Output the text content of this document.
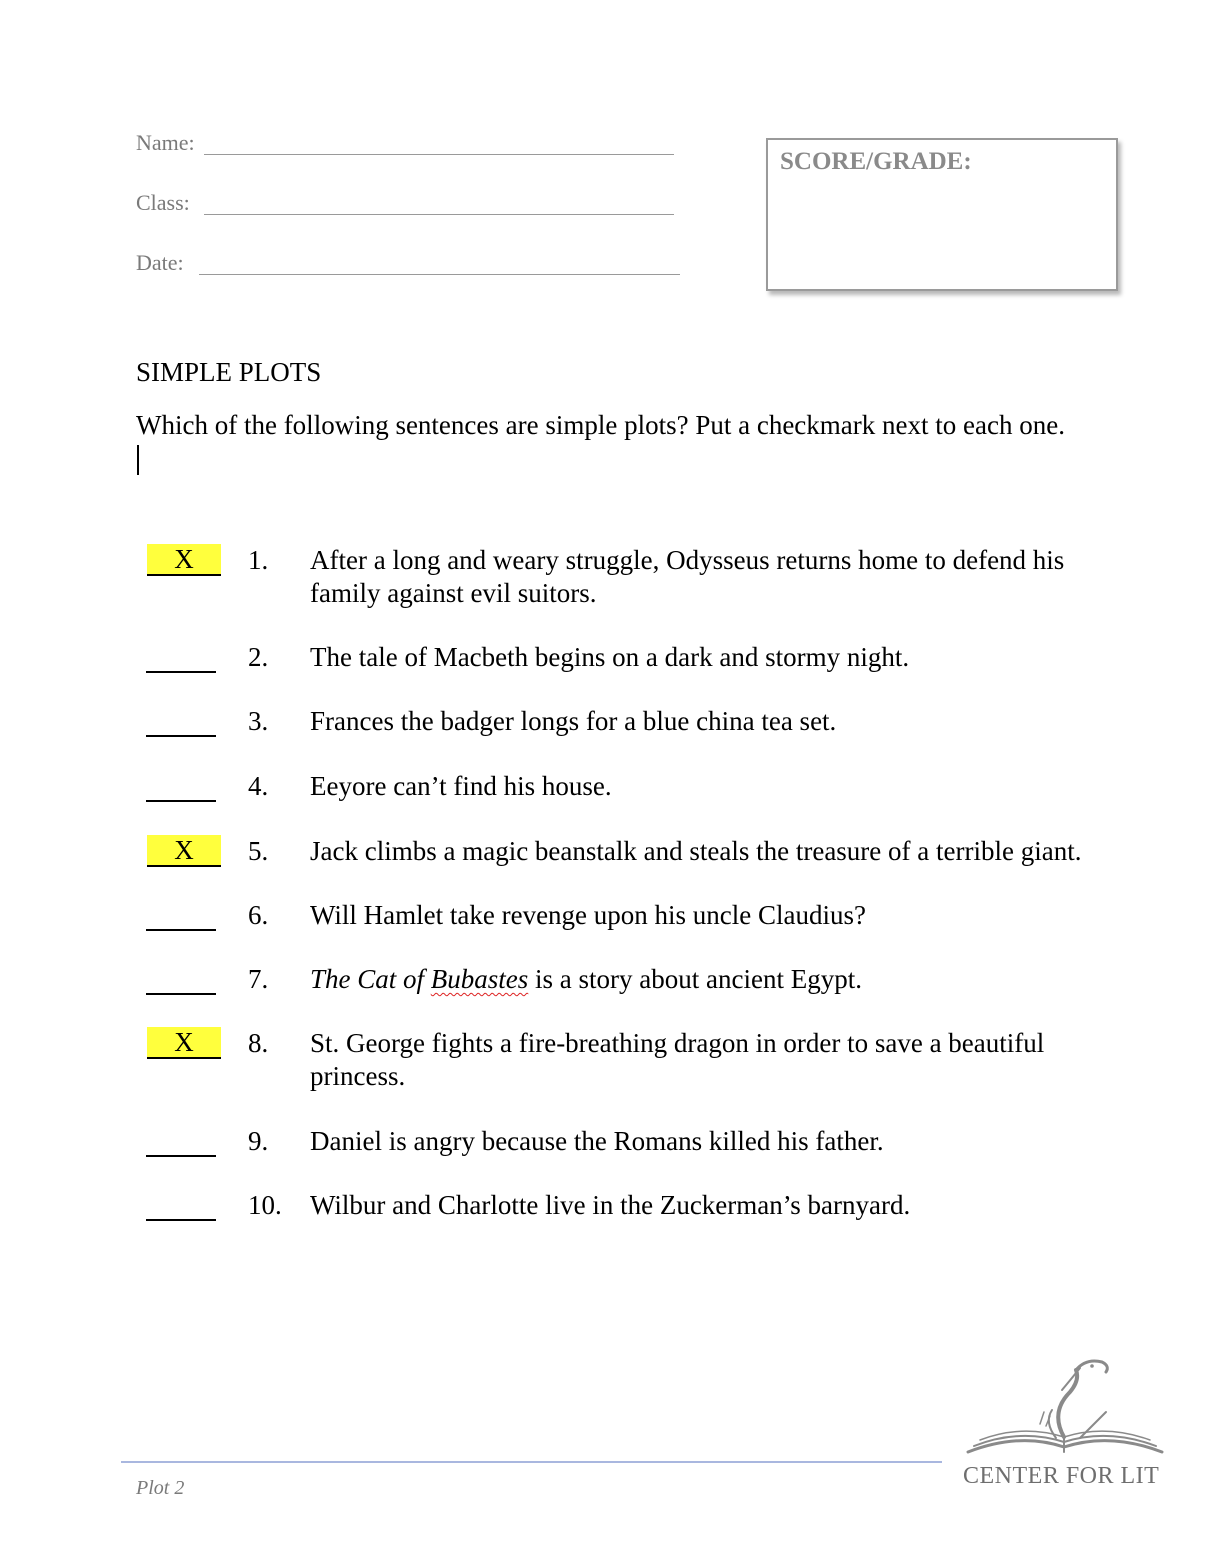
Name:
Class:
Date:
SCORE/GRADE:
SIMPLE PLOTS
Which of the following sentences are simple plots? Put a checkmark next to each one.
X	1. After a long and weary struggle, Odysseus returns home to defend his family against evil suitors.
2. The tale of Macbeth begins on a dark and stormy night.
3. Frances the badger longs for a blue china tea set.
4. Eeyore can’t find his house.
X	5. Jack climbs a magic beanstalk and steals the treasure of a terrible giant.
6. Will Hamlet take revenge upon his uncle Claudius?
7. The Cat of Bubastes is a story about ancient Egypt.
X	8. St. George fights a fire-breathing dragon in order to save a beautiful princess.
9. Daniel is angry because the Romans killed his father.
10. Wilbur and Charlotte live in the Zuckerman’s barnyard.
Plot 2	CENTER FOR LIT
